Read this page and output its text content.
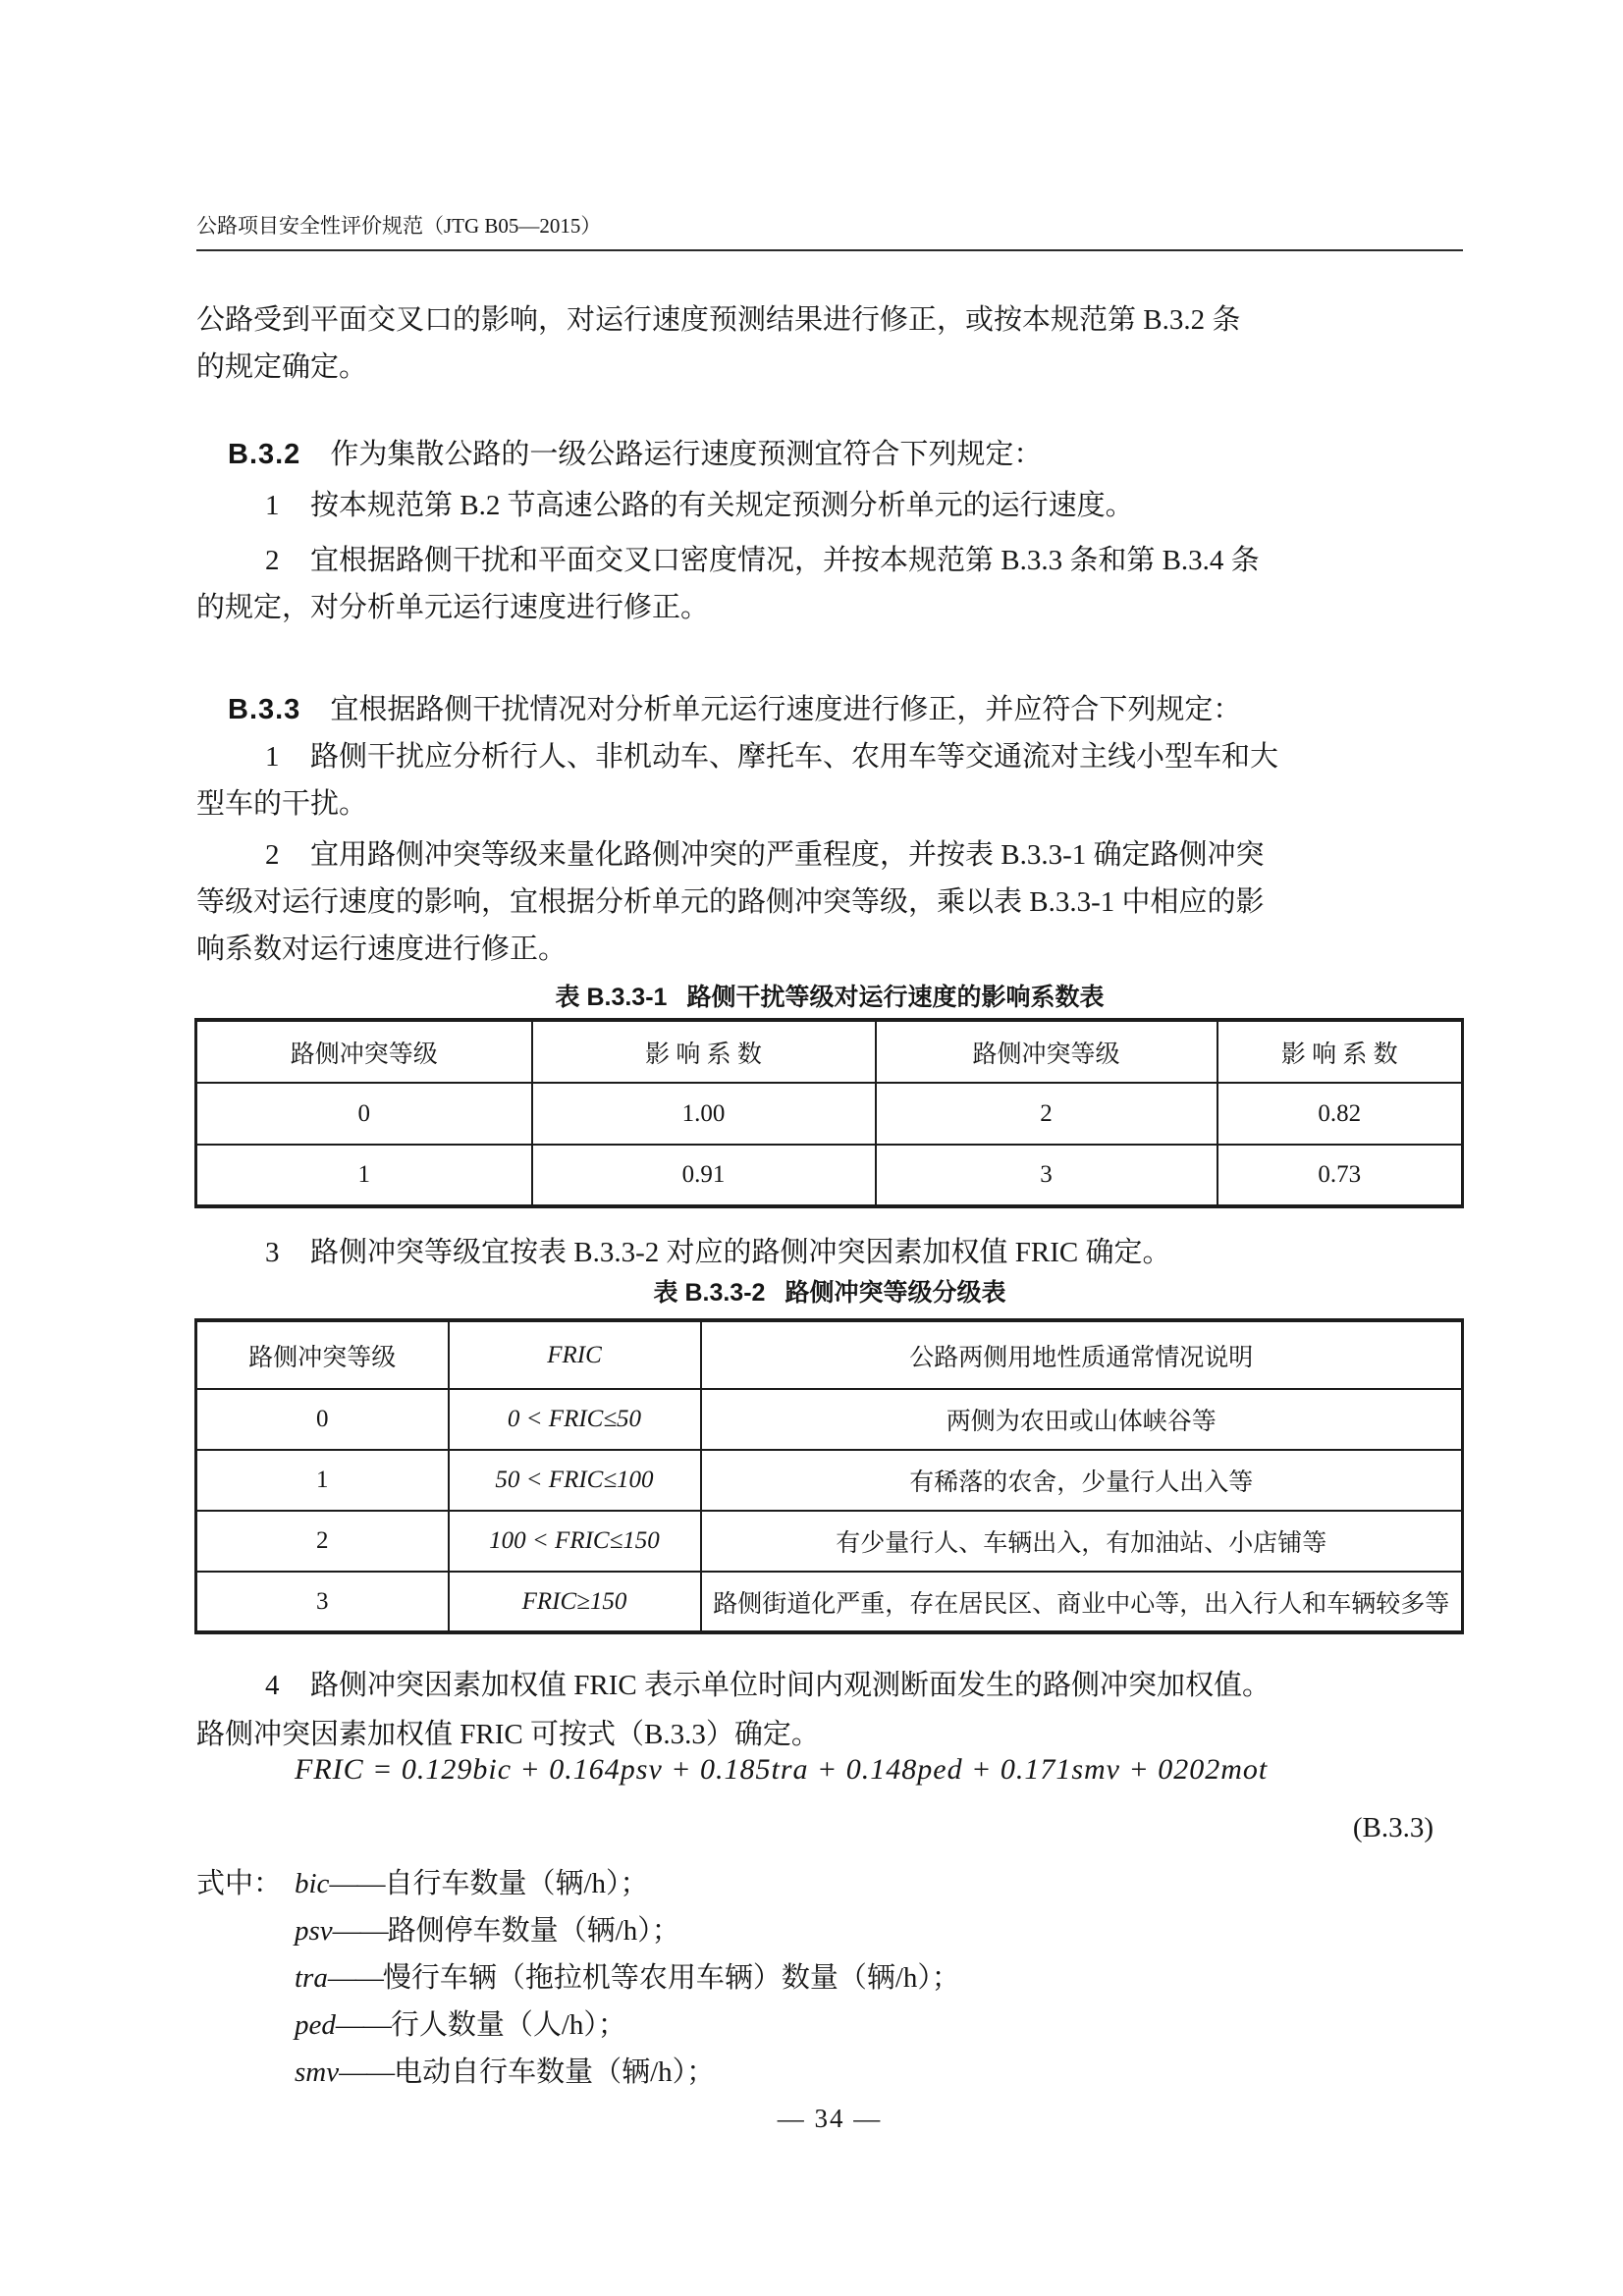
公路项目安全性评价规范（JTG B05—2015）
公路受到平面交叉口的影响，对运行速度预测结果进行修正，或按本规范第 B.3.2 条
的规定确定。
B.3.2 作为集散公路的一级公路运行速度预测宜符合下列规定：
1 按本规范第 B.2 节高速公路的有关规定预测分析单元的运行速度。
2 宜根据路侧干扰和平面交叉口密度情况，并按本规范第 B.3.3 条和第 B.3.4 条
的规定，对分析单元运行速度进行修正。
B.3.3 宜根据路侧干扰情况对分析单元运行速度进行修正，并应符合下列规定：
1 路侧干扰应分析行人、非机动车、摩托车、农用车等交通流对主线小型车和大
型车的干扰。
2 宜用路侧冲突等级来量化路侧冲突的严重程度，并按表 B.3.3-1 确定路侧冲突
等级对运行速度的影响，宜根据分析单元的路侧冲突等级，乘以表 B.3.3-1 中相应的影
响系数对运行速度进行修正。
表 B.3.3-1 路侧干扰等级对运行速度的影响系数表
路侧冲突等级	影 响 系 数	路侧冲突等级	影 响 系 数
0	1.00	2	0.82
1	0.91	3	0.73
3 路侧冲突等级宜按表 B.3.3-2 对应的路侧冲突因素加权值 FRIC 确定。
表 B.3.3-2 路侧冲突等级分级表
路侧冲突等级	FRIC	公路两侧用地性质通常情况说明
0	0 < FRIC≤50	两侧为农田或山体峡谷等
1	50 < FRIC≤100	有稀落的农舍，少量行人出入等
2	100 < FRIC≤150	有少量行人、车辆出入，有加油站、小店铺等
3	FRIC≥150	路侧街道化严重，存在居民区、商业中心等，出入行人和车辆较多等
4 路侧冲突因素加权值 FRIC 表示单位时间内观测断面发生的路侧冲突加权值。
路侧冲突因素加权值 FRIC 可按式（B.3.3）确定。
FRIC = 0.129bic + 0.164psv + 0.185tra + 0.148ped + 0.171smv + 0202mot
(B.3.3)
式中： bic——自行车数量（辆/h）；
psv——路侧停车数量（辆/h）；
tra——慢行车辆（拖拉机等农用车辆）数量（辆/h）；
ped——行人数量（人/h）；
smv——电动自行车数量（辆/h）；
— 34 —
